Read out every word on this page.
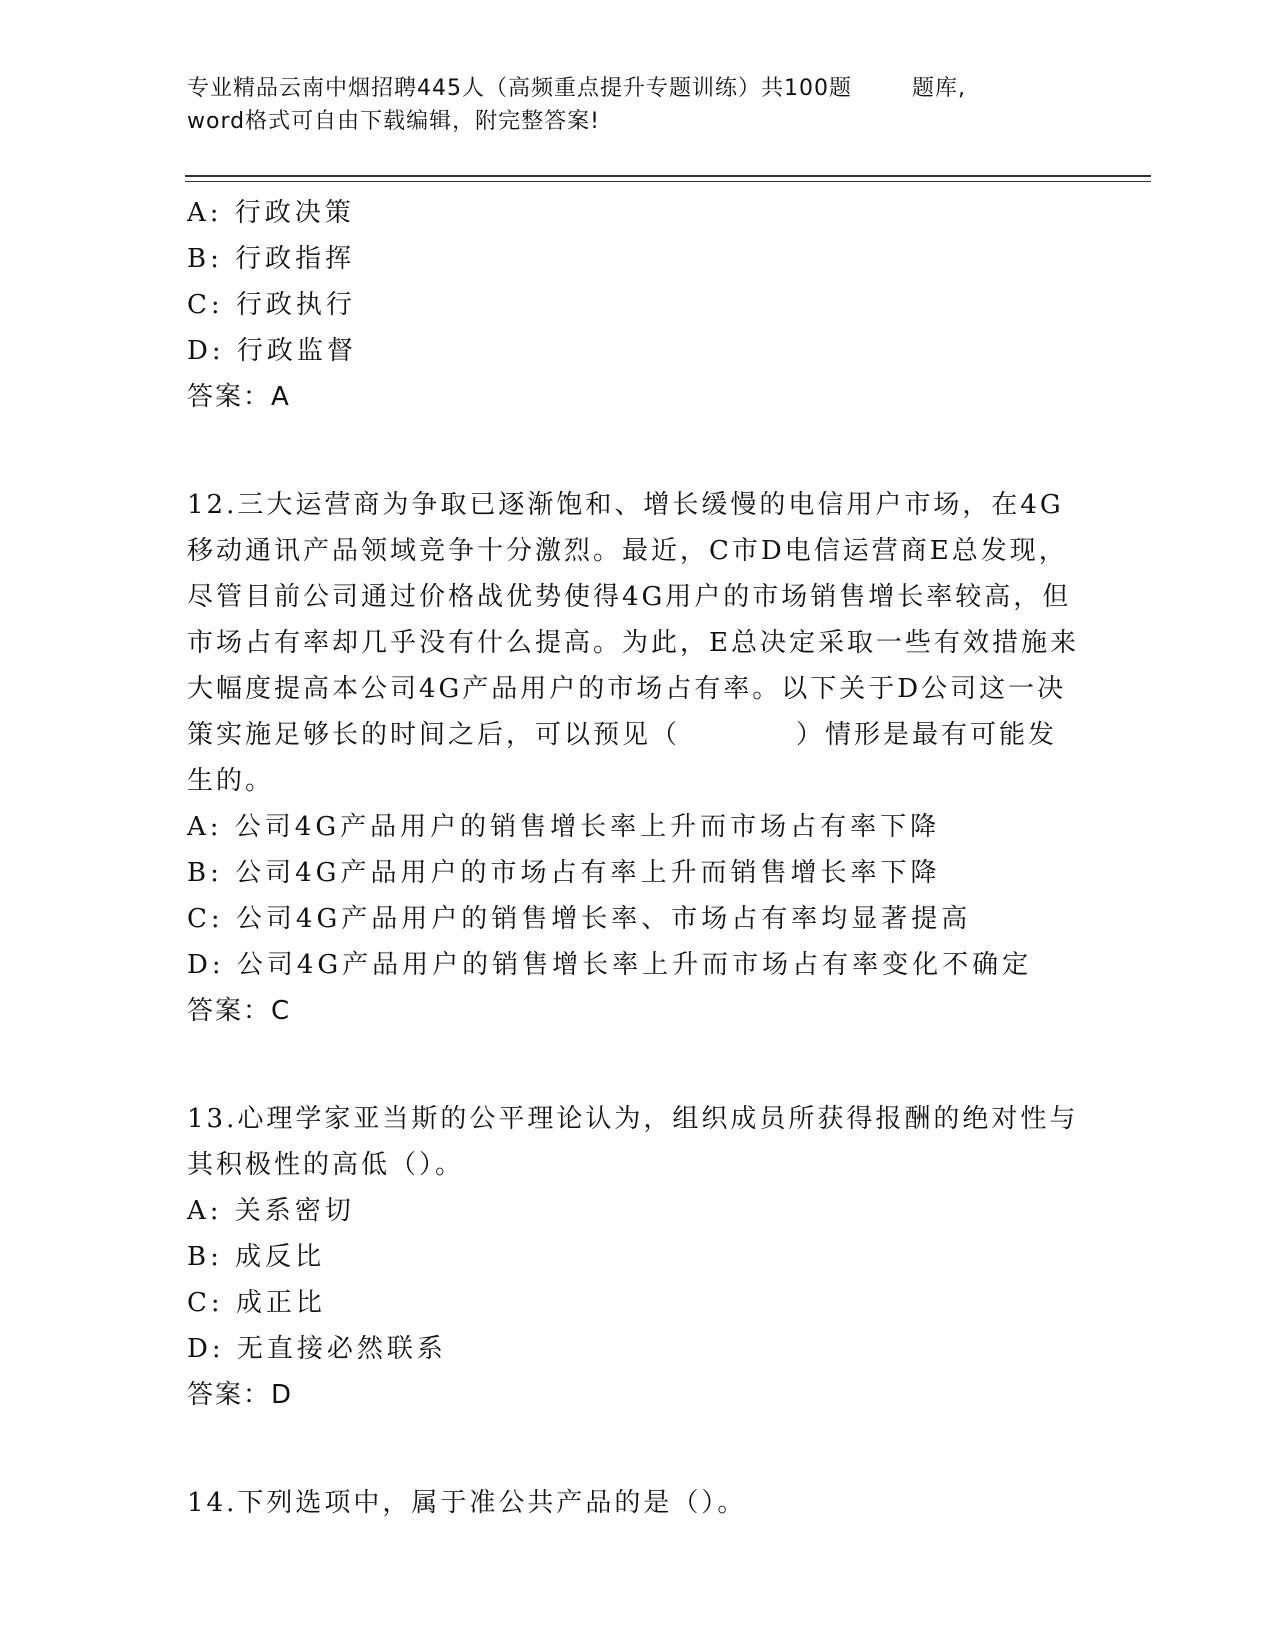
专业精品云南中烟招聘445人（高频重点提升专题训练）共100题	题库,
word格式可自由下载编辑，附完整答案!
A: 行政决策
B: 行政指挥
C: 行政执行
D: 行政监督
答案：A
12.三大运营商为争取已逐渐饱和、增长缓慢的电信用户市场，在4G
移动通讯产品领域竞争十分激烈。最近，C市D电信运营商E总发现，
尽管目前公司通过价格战优势使得4G用户的市场销售增长率较高，但
市场占有率却几乎没有什么提高。为此，E总决定采取一些有效措施来
大幅度提高本公司4G产品用户的市场占有率。以下关于D公司这一决
策实施足够长的时间之后，可以预见（　　　　）情形是最有可能发
生的。
A: 公司4G产品用户的销售增长率上升而市场占有率下降
B: 公司4G产品用户的市场占有率上升而销售增长率下降
C: 公司4G产品用户的销售增长率、市场占有率均显著提高
D: 公司4G产品用户的销售增长率上升而市场占有率变化不确定
答案：C
13.心理学家亚当斯的公平理论认为，组织成员所获得报酬的绝对性与
其积极性的高低（）。
A: 关系密切
B: 成反比
C: 成正比
D: 无直接必然联系
答案：D
14.下列选项中，属于准公共产品的是（）。
